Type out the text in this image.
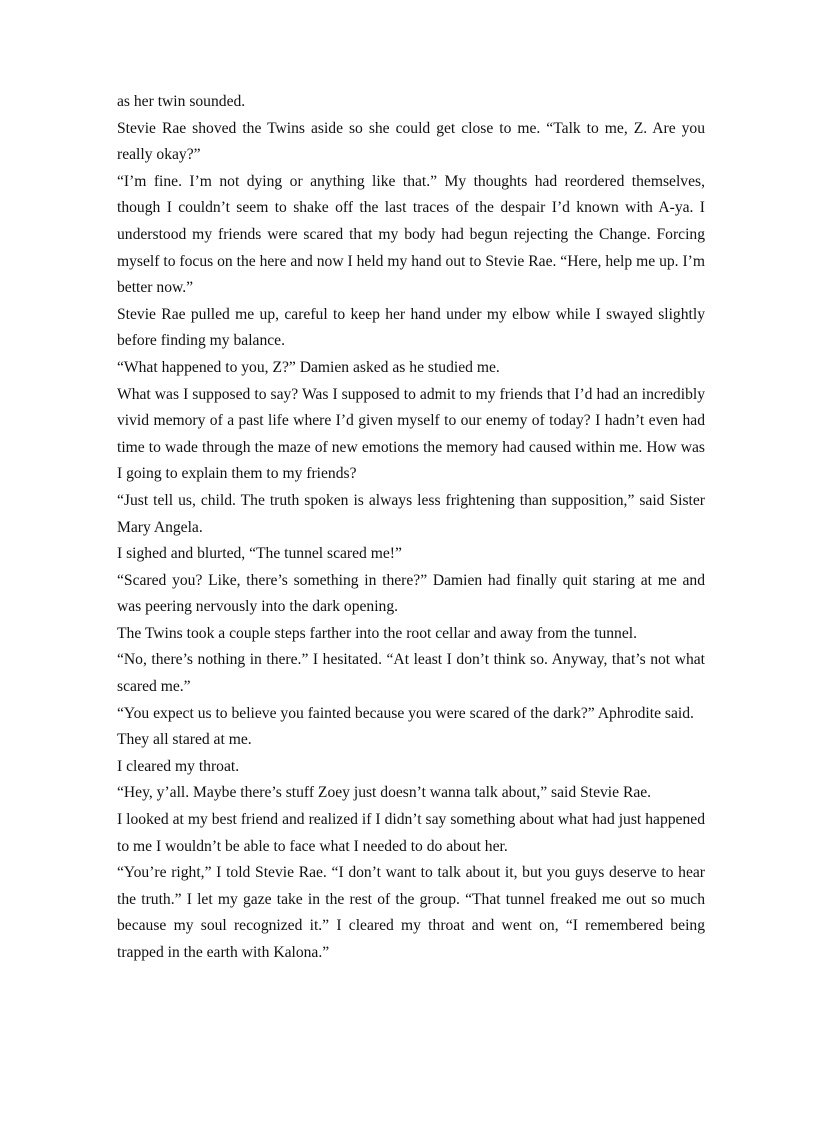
as her twin sounded.

Stevie Rae shoved the Twins aside so she could get close to me. “Talk to me, Z. Are you really okay?”

“I’m fine. I’m not dying or anything like that.” My thoughts had reordered themselves, though I couldn’t seem to shake off the last traces of the despair I’d known with A-ya. I understood my friends were scared that my body had begun rejecting the Change. Forcing myself to focus on the here and now I held my hand out to Stevie Rae. “Here, help me up. I’m better now.”

Stevie Rae pulled me up, careful to keep her hand under my elbow while I swayed slightly before finding my balance.

“What happened to you, Z?” Damien asked as he studied me.

What was I supposed to say? Was I supposed to admit to my friends that I’d had an incredibly vivid memory of a past life where I’d given myself to our enemy of today? I hadn’t even had time to wade through the maze of new emotions the memory had caused within me. How was I going to explain them to my friends?

“Just tell us, child. The truth spoken is always less frightening than supposition,” said Sister Mary Angela.

I sighed and blurted, “The tunnel scared me!”

“Scared you? Like, there’s something in there?” Damien had finally quit staring at me and was peering nervously into the dark opening.

The Twins took a couple steps farther into the root cellar and away from the tunnel.

“No, there’s nothing in there.” I hesitated. “At least I don’t think so. Anyway, that’s not what scared me.”

“You expect us to believe you fainted because you were scared of the dark?” Aphrodite said.

They all stared at me.

I cleared my throat.

“Hey, y’all. Maybe there’s stuff Zoey just doesn’t wanna talk about,” said Stevie Rae.

I looked at my best friend and realized if I didn’t say something about what had just happened to me I wouldn’t be able to face what I needed to do about her.

“You’re right,” I told Stevie Rae. “I don’t want to talk about it, but you guys deserve to hear the truth.” I let my gaze take in the rest of the group. “That tunnel freaked me out so much because my soul recognized it.” I cleared my throat and went on, “I remembered being trapped in the earth with Kalona.”
